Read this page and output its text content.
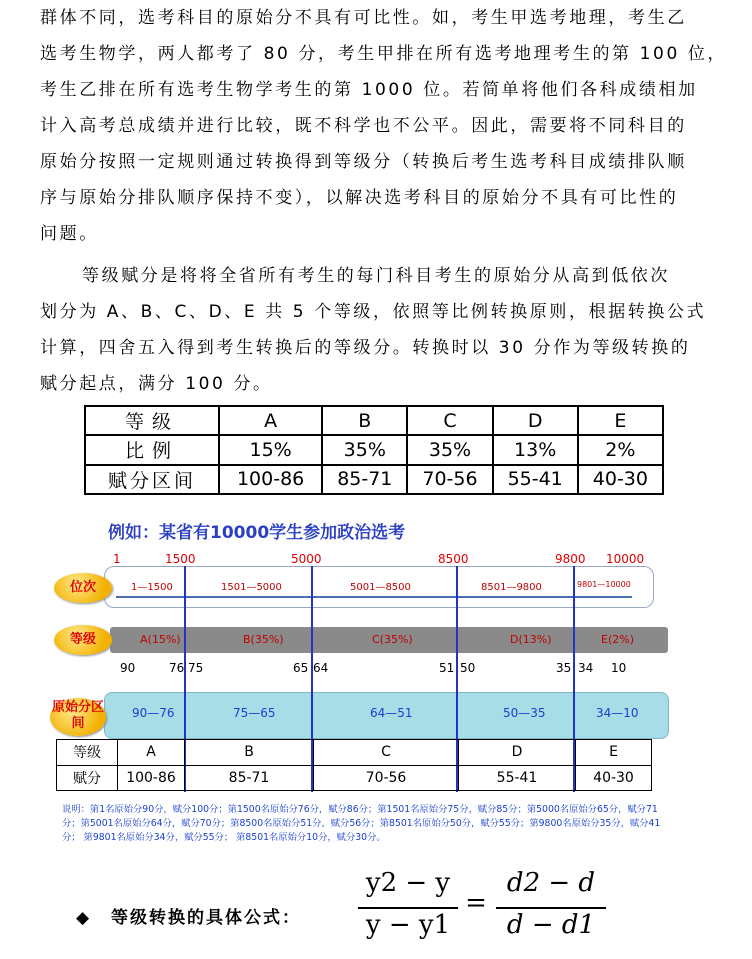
群体不同，选考科目的原始分不具有可比性。如，考生甲选考地理，考生乙
选考生物学，两人都考了 80 分，考生甲排在所有选考地理考生的第 100 位，
考生乙排在所有选考生物学考生的第 1000 位。若简单将他们各科成绩相加
计入高考总成绩并进行比较，既不科学也不公平。因此，需要将不同科目的
原始分按照一定规则通过转换得到等级分（转换后考生选考科目成绩排队顺
序与原始分排队顺序保持不变），以解决选考科目的原始分不具有可比性的
问题。
等级赋分是将将全省所有考生的每门科目考生的原始分从高到低依次
划分为 A、B、C、D、E 共 5 个等级，依照等比例转换原则，根据转换公式
计算，四舍五入得到考生转换后的等级分。转换时以 30 分作为等级转换的
赋分起点，满分 100 分。
等级	A	B	C	D	E
比例	15%	35%	35%	13%	2%
赋分区间	100-86	85-71	70-56	55-41	40-30
例如：某省有10000学生参加政治选考
1	1500	5000	8500	9800 10000
位次	1—1500	1501—5000	5001—8500	8501—9800	9801—10000
等级	A(15%)	B(35%)	C(35%)	D(13%)	E(2%)
90	76 75	65 64	51 50	35 34 10
原始分区间
90—76	75—65	64—51	50—35	34—10
等级	A	B	C	D	E
赋分	100-86	85-71	70-56	55-41	40-30
说明：第1名原始分90分，赋分100分；第1500名原始分76分，赋分86分；第1501名原始分75分，赋分85分；第5000名原始分65分，赋分71分；第5001名原始分64分，赋分70分；第8500名原始分51分，赋分56分；第8501名原始分50分，赋分55分；第9800名原始分35分，赋分41分； 第9801名原始分34分，赋分55分； 第8501名原始分10分，赋分30分。
◆ 等级转换的具体公式：
y2 − y
y − y1
=
d2 − d
d − d1
